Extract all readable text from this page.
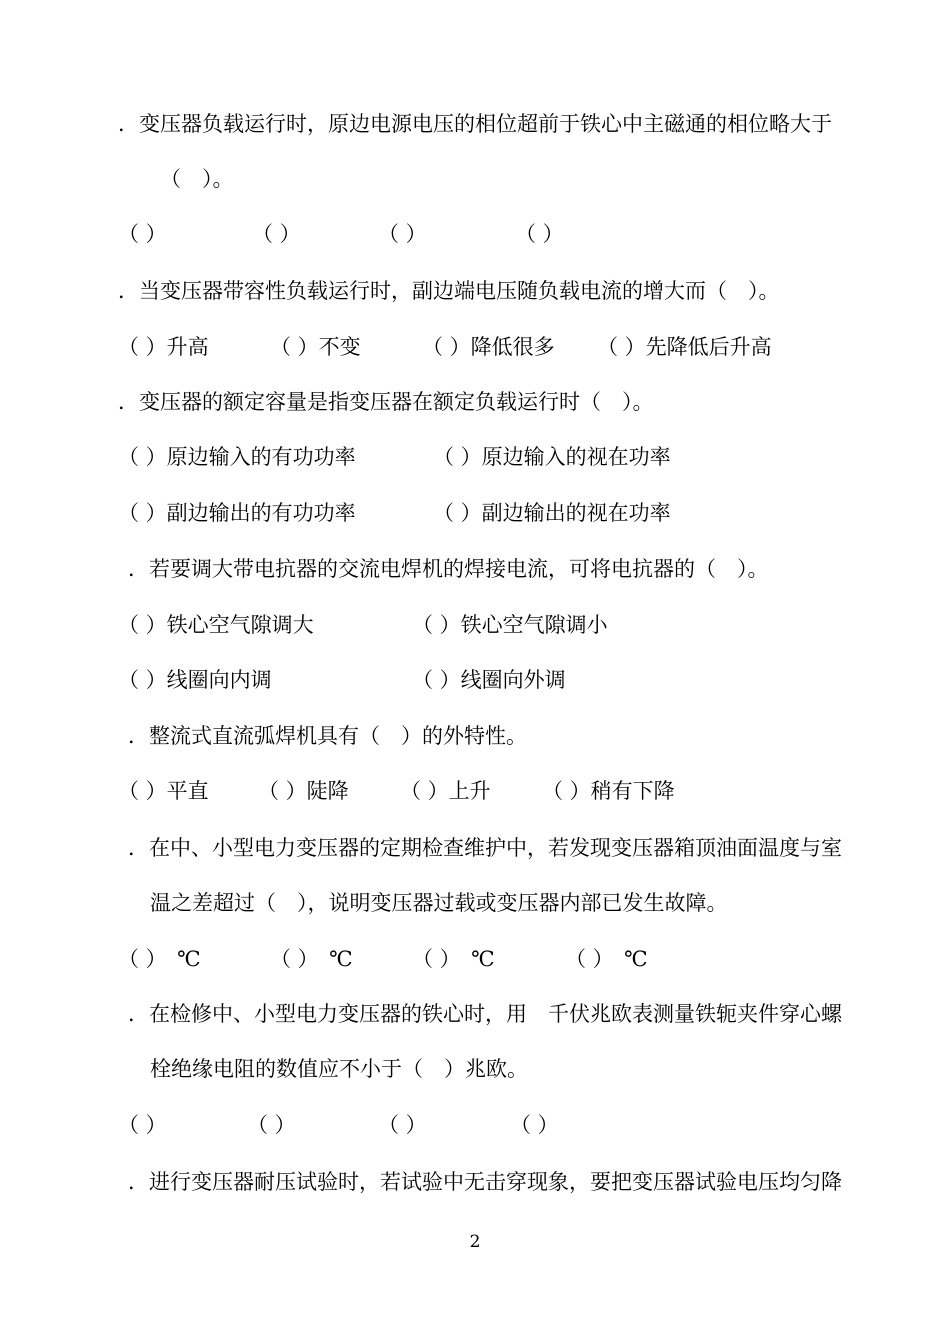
．变压器负载运行时，原边电源电压的相位超前于铁心中主磁通的相位略大于
（　）。
（ ）	（ ）	（ ）	（ ）
．当变压器带容性负载运行时，副边端电压随负载电流的增大而（　）。
（ ）升高	（ ）不变	（ ）降低很多 （ ）先降低后升高
．变压器的额定容量是指变压器在额定负载运行时（　）。
（ ）原边输入的有功功率	（ ）原边输入的视在功率
（ ）副边输出的有功功率	（ ）副边输出的视在功率
．若要调大带电抗器的交流电焊机的焊接电流，可将电抗器的（　）。
（ ）铁心空气隙调大	（ ）铁心空气隙调小
（ ）线圈向内调	（ ）线圈向外调
．整流式直流弧焊机具有（　）的外特性。
（ ）平直 （ ）陡降 （ ）上升 （ ）稍有下降
．在中、小型电力变压器的定期检查维护中，若发现变压器箱顶油面温度与室
温之差超过（　），说明变压器过载或变压器内部已发生故障。
（ ）　℃	（ ）　℃	（ ）　℃	（ ）　℃
．在检修中、小型电力变压器的铁心时，用　千伏兆欧表测量铁轭夹件穿心螺
栓绝缘电阻的数值应不小于（　）兆欧。
（ ）	（ ）	（ ）	（ ）
．进行变压器耐压试验时，若试验中无击穿现象，要把变压器试验电压均匀降
2
